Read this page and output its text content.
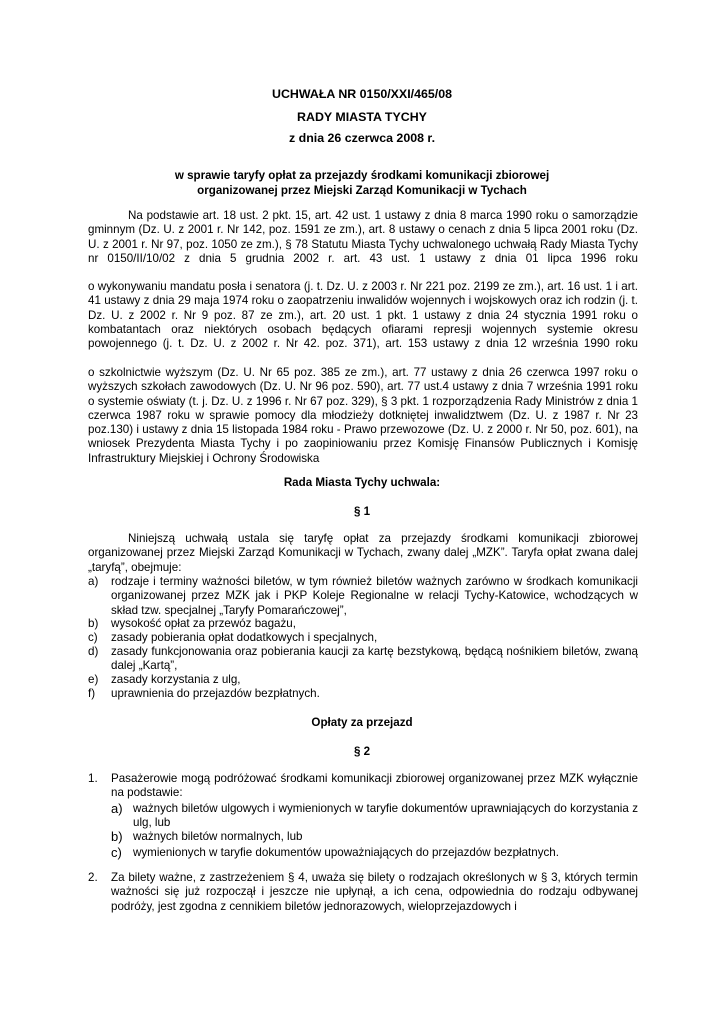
UCHWAŁA NR 0150/XXI/465/08
RADY MIASTA TYCHY
z dnia 26 czerwca 2008 r.
w sprawie taryfy opłat za przejazdy środkami komunikacji zbiorowej
organizowanej przez Miejski Zarząd Komunikacji w Tychach

Na podstawie art. 18 ust. 2 pkt. 15, art. 42 ust. 1 ustawy z dnia 8 marca 1990 roku o samorządzie gminnym (Dz. U. z 2001 r. Nr 142, poz. 1591 ze zm.), art. 8 ustawy o cenach z dnia 5 lipca 2001 roku (Dz. U. z 2001 r. Nr 97, poz. 1050 ze zm.), § 78 Statutu Miasta Tychy uchwalonego uchwałą Rady Miasta Tychy nr 0150/II/10/02 z dnia 5 grudnia 2002 r. art. 43 ust. 1 ustawy z dnia 01 lipca 1996 roku

o wykonywaniu mandatu posła i senatora (j. t. Dz. U. z 2003 r. Nr 221 poz. 2199 ze zm.), art. 16 ust. 1 i art. 41 ustawy z dnia 29 maja 1974 roku o zaopatrzeniu inwalidów wojennych i wojskowych oraz ich rodzin (j. t. Dz. U. z 2002 r. Nr 9 poz. 87 ze zm.), art. 20 ust. 1 pkt. 1 ustawy z dnia 24 stycznia 1991 roku o kombatantach oraz niektórych osobach będących ofiarami represji wojennych systemie okresu powojennego (j. t. Dz. U. z 2002 r. Nr 42. poz. 371), art. 153 ustawy z dnia 12 września 1990 roku

o szkolnictwie wyższym (Dz. U. Nr 65 poz. 385 ze zm.), art. 77 ustawy z dnia 26 czerwca 1997 roku o wyższych szkołach zawodowych (Dz. U. Nr 96 poz. 590), art. 77 ust.4 ustawy z dnia 7 września 1991 roku o systemie oświaty (t. j. Dz. U. z 1996 r. Nr 67 poz. 329), § 3 pkt. 1 rozporządzenia Rady Ministrów z dnia 1 czerwca 1987 roku w sprawie pomocy dla młodzieży dotkniętej inwalidztwem (Dz. U. z 1987 r. Nr 23 poz.130) i ustawy z dnia 15 listopada 1984 roku - Prawo przewozowe (Dz. U. z 2000 r. Nr 50, poz. 601), na wniosek Prezydenta Miasta Tychy i po zaopiniowaniu przez Komisję Finansów Publicznych i Komisję Infrastruktury Miejskiej i Ochrony Środowiska

Rada Miasta Tychy uchwala:
§ 1

Niniejszą uchwałą ustala się taryfę opłat za przejazdy środkami komunikacji zbiorowej organizowanej przez Miejski Zarząd Komunikacji w Tychach, zwany dalej „MZK”. Taryfa opłat zwana dalej „taryfą”, obejmuje:

a) rodzaje i terminy ważności biletów, w tym również biletów ważnych zarówno w środkach komunikacji organizowanej przez MZK jak i PKP Koleje Regionalne w relacji Tychy-Katowice, wchodzących w skład tzw. specjalnej „Taryfy Pomarańczowej”,
b) wysokość opłat za przewóz bagażu,
c) zasady pobierania opłat dodatkowych i specjalnych,
d) zasady funkcjonowania oraz pobierania kaucji za kartę bezstykową, będącą nośnikiem biletów, zwaną dalej „Kartą”,
e) zasady korzystania z ulg,
f) uprawnienia do przejazdów bezpłatnych.
Opłaty za przejazd
§ 2
1. Pasażerowie mogą podróżować środkami komunikacji zbiorowej organizowanej przez MZK wyłącznie na podstawie:
a) ważnych biletów ulgowych i wymienionych w taryfie dokumentów uprawniających do korzystania z ulg, lub
b) ważnych biletów normalnych, lub
c) wymienionych w taryfie dokumentów upoważniających do przejazdów bezpłatnych.
2. Za bilety ważne, z zastrzeżeniem § 4, uważa się bilety o rodzajach określonych w § 3, których termin ważności się już rozpoczął i jeszcze nie upłynął, a ich cena, odpowiednia do rodzaju odbywanej podróży, jest zgodna z cennikiem biletów jednorazowych, wieloprzejazdowych i
